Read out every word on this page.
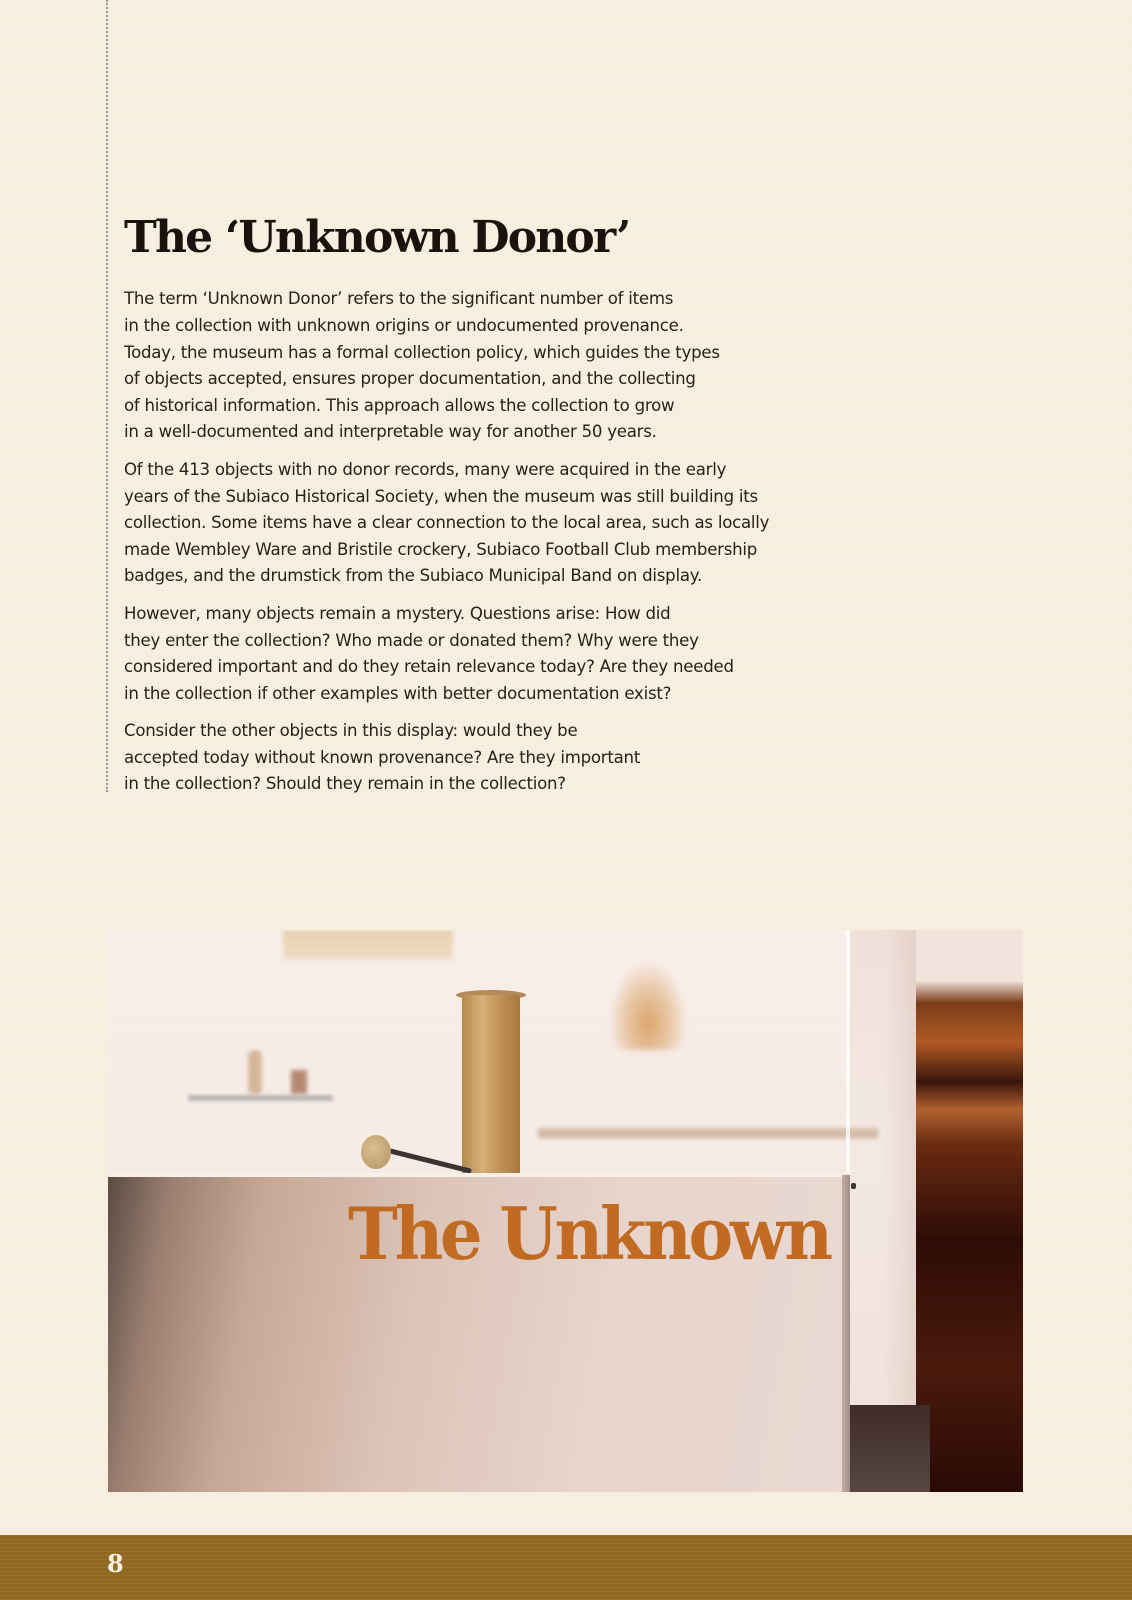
The ‘Unknown Donor’

The term ‘Unknown Donor’ refers to the significant number of items
in the collection with unknown origins or undocumented provenance.
Today, the museum has a formal collection policy, which guides the types
of objects accepted, ensures proper documentation, and the collecting
of historical information. This approach allows the collection to grow
in a well-documented and interpretable way for another 50 years.

Of the 413 objects with no donor records, many were acquired in the early
years of the Subiaco Historical Society, when the museum was still building its
collection. Some items have a clear connection to the local area, such as locally
made Wembley Ware and Bristile crockery, Subiaco Football Club membership
badges, and the drumstick from the Subiaco Municipal Band on display.

However, many objects remain a mystery. Questions arise: How did
they enter the collection? Who made or donated them? Why were they
considered important and do they retain relevance today? Are they needed
in the collection if other examples with better documentation exist?

Consider the other objects in this display: would they be
accepted today without known provenance? Are they important
in the collection? Should they remain in the collection?

The Unknown
8
